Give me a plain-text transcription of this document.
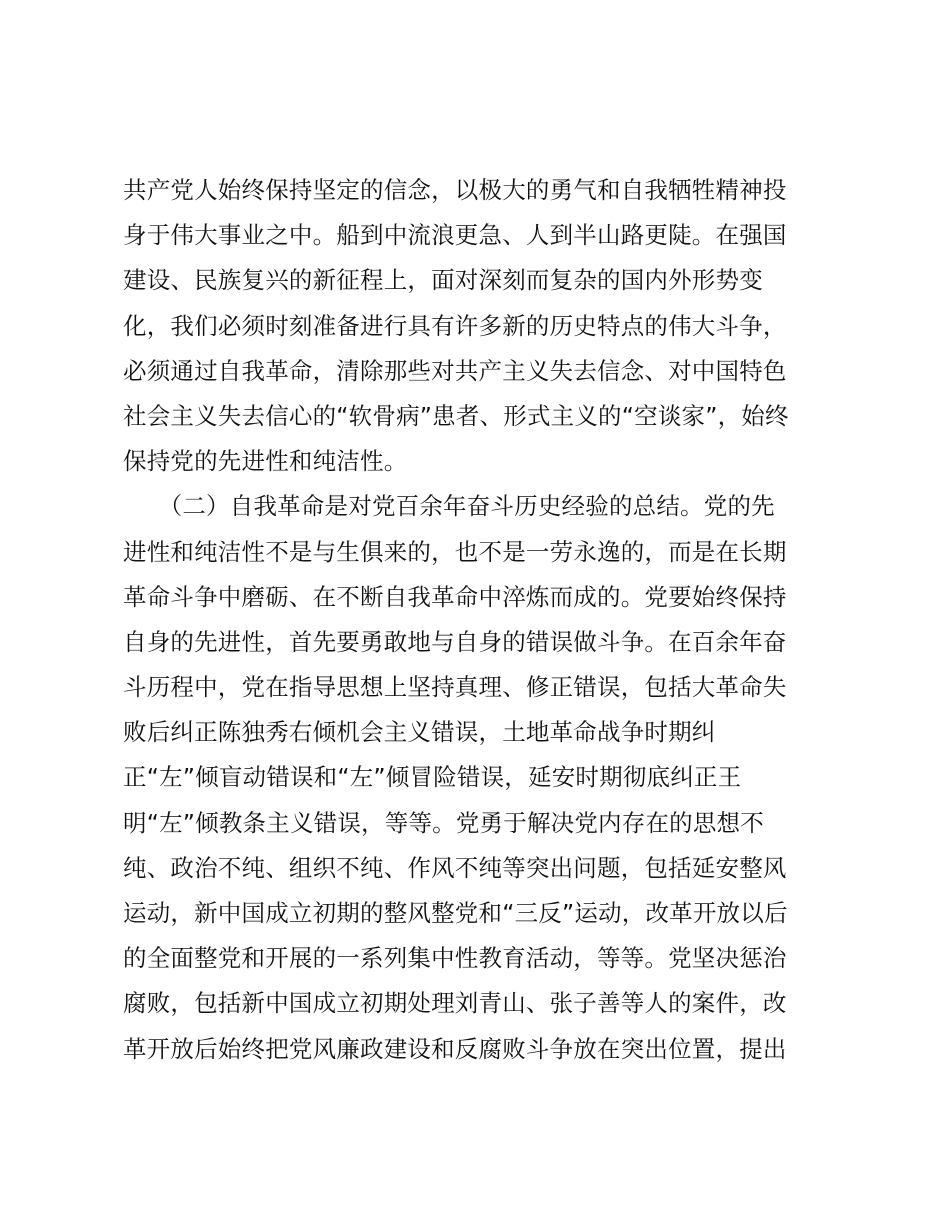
共产党人始终保持坚定的信念，以极大的勇气和自我牺牲精神投
身于伟大事业之中。船到中流浪更急、人到半山路更陡。在强国
建设、民族复兴的新征程上，面对深刻而复杂的国内外形势变
化，我们必须时刻准备进行具有许多新的历史特点的伟大斗争，
必须通过自我革命，清除那些对共产主义失去信念、对中国特色
社会主义失去信心的“软骨病”患者、形式主义的“空谈家”，始终
保持党的先进性和纯洁性。
　　（二）自我革命是对党百余年奋斗历史经验的总结。党的先
进性和纯洁性不是与生俱来的，也不是一劳永逸的，而是在长期
革命斗争中磨砺、在不断自我革命中淬炼而成的。党要始终保持
自身的先进性，首先要勇敢地与自身的错误做斗争。在百余年奋
斗历程中，党在指导思想上坚持真理、修正错误，包括大革命失
败后纠正陈独秀右倾机会主义错误，土地革命战争时期纠
正“左”倾盲动错误和“左”倾冒险错误，延安时期彻底纠正王
明“左”倾教条主义错误，等等。党勇于解决党内存在的思想不
纯、政治不纯、组织不纯、作风不纯等突出问题，包括延安整风
运动，新中国成立初期的整风整党和“三反”运动，改革开放以后
的全面整党和开展的一系列集中性教育活动，等等。党坚决惩治
腐败，包括新中国成立初期处理刘青山、张子善等人的案件，改
革开放后始终把党风廉政建设和反腐败斗争放在突出位置，提出
